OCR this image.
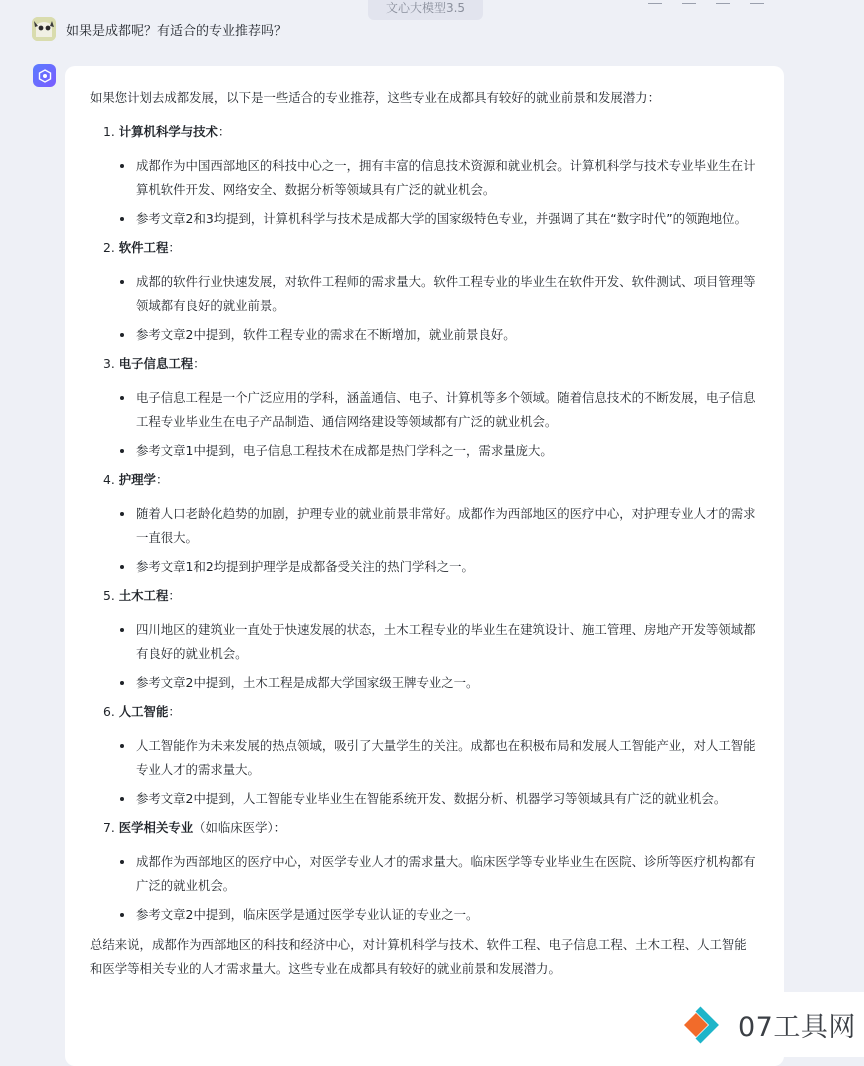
文心大模型3.5
如果是成都呢？有适合的专业推荐吗？

如果您计划去成都发展，以下是一些适合的专业推荐，这些专业在成都具有较好的就业前景和发展潜力：

1. 计算机科学与技术：
成都作为中国西部地区的科技中心之一，拥有丰富的信息技术资源和就业机会。计算机科学与技术专业毕业生在计算机软件开发、网络安全、数据分析等领域具有广泛的就业机会。
参考文章2和3均提到，计算机科学与技术是成都大学的国家级特色专业，并强调了其在“数字时代”的领跑地位。
2. 软件工程：
成都的软件行业快速发展，对软件工程师的需求量大。软件工程专业的毕业生在软件开发、软件测试、项目管理等领域都有良好的就业前景。
参考文章2中提到，软件工程专业的需求在不断增加，就业前景良好。
3. 电子信息工程：
电子信息工程是一个广泛应用的学科，涵盖通信、电子、计算机等多个领域。随着信息技术的不断发展，电子信息工程专业毕业生在电子产品制造、通信网络建设等领域都有广泛的就业机会。
参考文章1中提到，电子信息工程技术在成都是热门学科之一，需求量庞大。
4. 护理学：
随着人口老龄化趋势的加剧，护理专业的就业前景非常好。成都作为西部地区的医疗中心，对护理专业人才的需求一直很大。
参考文章1和2均提到护理学是成都备受关注的热门学科之一。
5. 土木工程：
四川地区的建筑业一直处于快速发展的状态，土木工程专业的毕业生在建筑设计、施工管理、房地产开发等领域都有良好的就业机会。
参考文章2中提到，土木工程是成都大学国家级王牌专业之一。
6. 人工智能：
人工智能作为未来发展的热点领域，吸引了大量学生的关注。成都也在积极布局和发展人工智能产业，对人工智能专业人才的需求量大。
参考文章2中提到，人工智能专业毕业生在智能系统开发、数据分析、机器学习等领域具有广泛的就业机会。
7. 医学相关专业（如临床医学）：
成都作为西部地区的医疗中心，对医学专业人才的需求量大。临床医学等专业毕业生在医院、诊所等医疗机构都有广泛的就业机会。
参考文章2中提到，临床医学是通过医学专业认证的专业之一。

总结来说，成都作为西部地区的科技和经济中心，对计算机科学与技术、软件工程、电子信息工程、土木工程、人工智能和医学等相关专业的人才需求量大。这些专业在成都具有较好的就业前景和发展潜力。

07工具网
